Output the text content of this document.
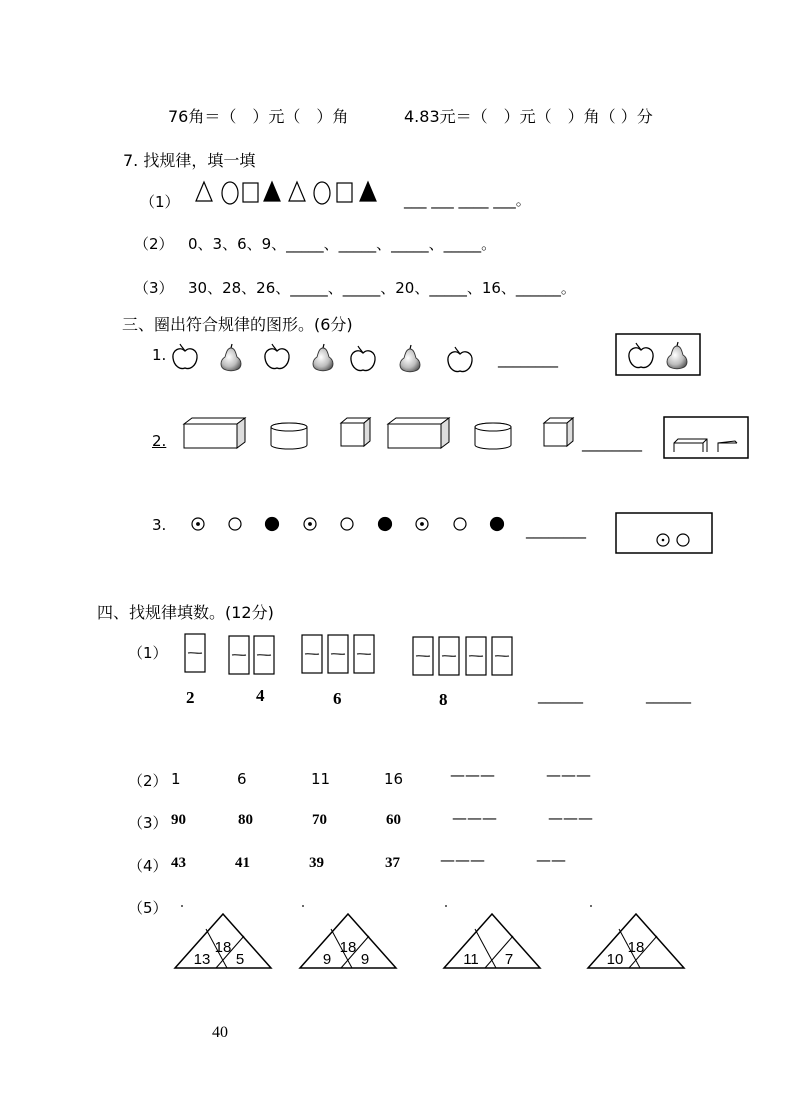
76角＝（　）元（　）角	4.83元＝（　）元（　）角（ ）分
7. 找规律，填一填
（1）	___ ___ ____ ___。
（2） 0、3、6、9、_____、_____、_____、_____。
（3） 30、28、26、_____、_____、20、_____、16、______。
三、圈出符合规律的图形。(6分)
1.	________
2.	________
3.	________
四、找规律填数。(12分)
（1）
2	4	6	8	______	______
（2） 1	6	11	16	———	———
（3） 90	80	70	60	———	———
（4） 43	41	39	37	———	——
（5）
40
18
13 5
18
9 9	11 7
18
10
